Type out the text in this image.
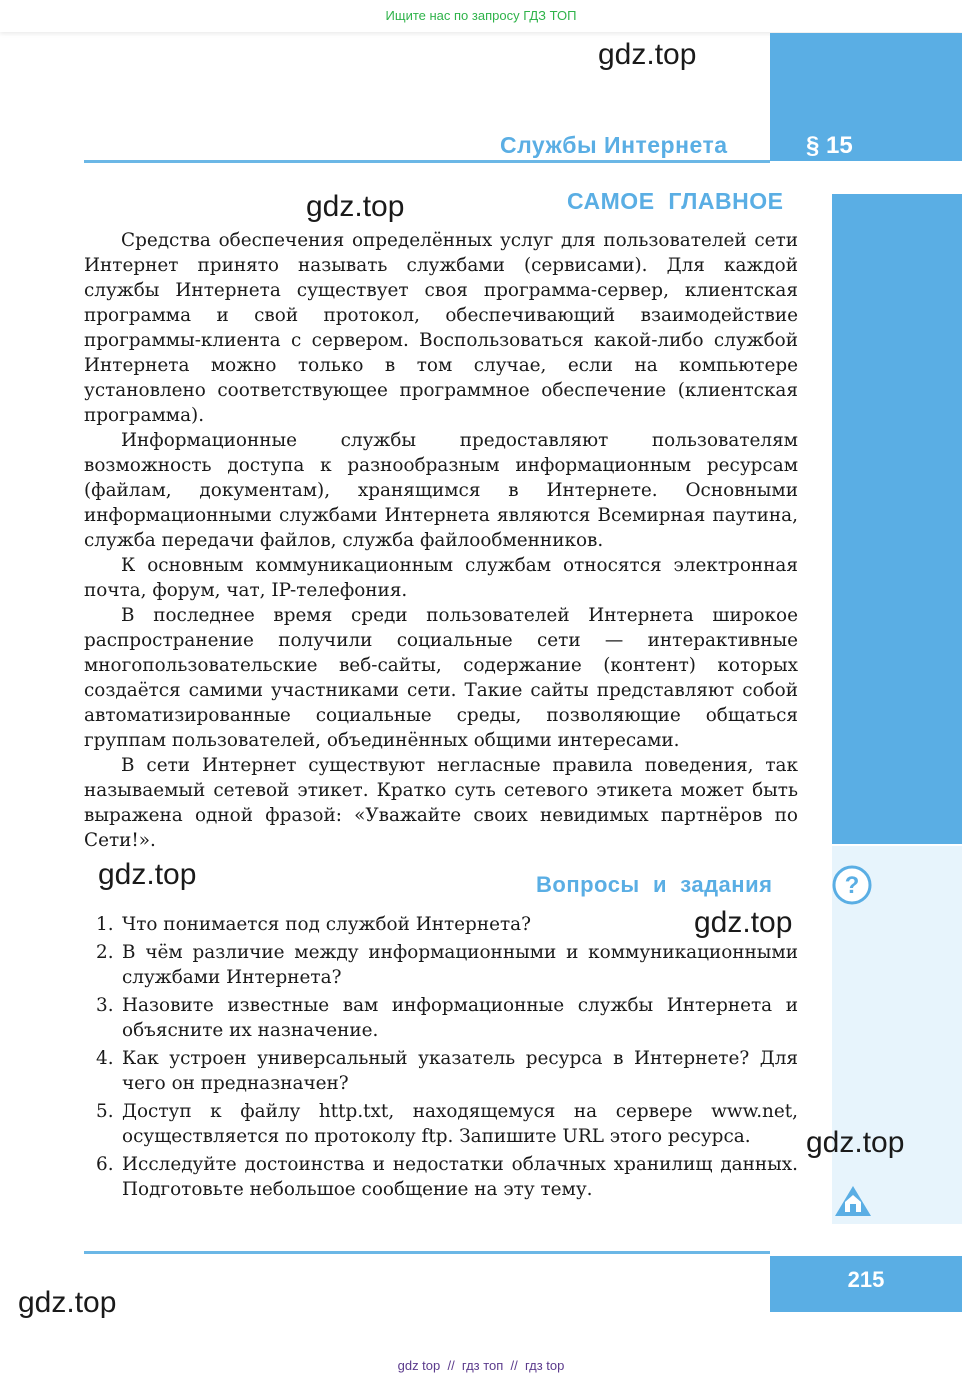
Ищите нас по запросу ГДЗ ТОП
Службы Интернета	§ 15
gdz.top
gdz.top
gdz.top
gdz.top
gdz.top
gdz.top
САМОЕ  ГЛАВНОЕ

Средства обеспечения определённых услуг для пользователей сети Интернет принято называть службами (сервисами). Для каждой службы Интернета существует своя программа-сервер, клиентская программа и свой протокол, обеспечивающий взаимодействие программы-клиента с сервером. Воспользоваться какой-либо службой Интернета можно только в том случае, если на компьютере установлено соответствующее программное обеспечение (клиентская программа).

Информационные службы предоставляют пользователям возможность доступа к разнообразным информационным ресурсам (файлам, документам), хранящимся в Интернете. Основными информационными службами Интернета являются Всемирная паутина, служба передачи файлов, служба файлообменников.

К основным коммуникационным службам относятся электронная почта, форум, чат, IP-телефония.

В последнее время среди пользователей Интернета широкое распространение получили социальные сети — интерактивные многопользовательские веб-сайты, содержание (контент) которых создаётся самими участниками сети. Такие сайты представляют собой автоматизированные социальные среды, позволяющие общаться группам пользователей, объединённых общими интересами.

В сети Интернет существуют негласные правила поведения, так называемый сетевой этикет. Кратко суть сетевого этикета может быть выражена одной фразой: «Уважайте своих невидимых партнёров по Сети!».

Вопросы  и  задания	?
1. Что понимается под службой Интернета?
2. В чём различие между информационными и коммуникационными службами Интернета?
3. Назовите известные вам информационные службы Интернета и объясните их назначение.
4. Как устроен универсальный указатель ресурса в Интернете? Для чего он предназначен?
5. Доступ к файлу http.txt, находящемуся на сервере www.net, осуществляется по протоколу ftp. Запишите URL этого ресурса.
6. Исследуйте достоинства и недостатки облачных хранилищ данных. Подготовьте небольшое сообщение на эту тему.
215
gdz top  //  гдз топ  //  гдз top
